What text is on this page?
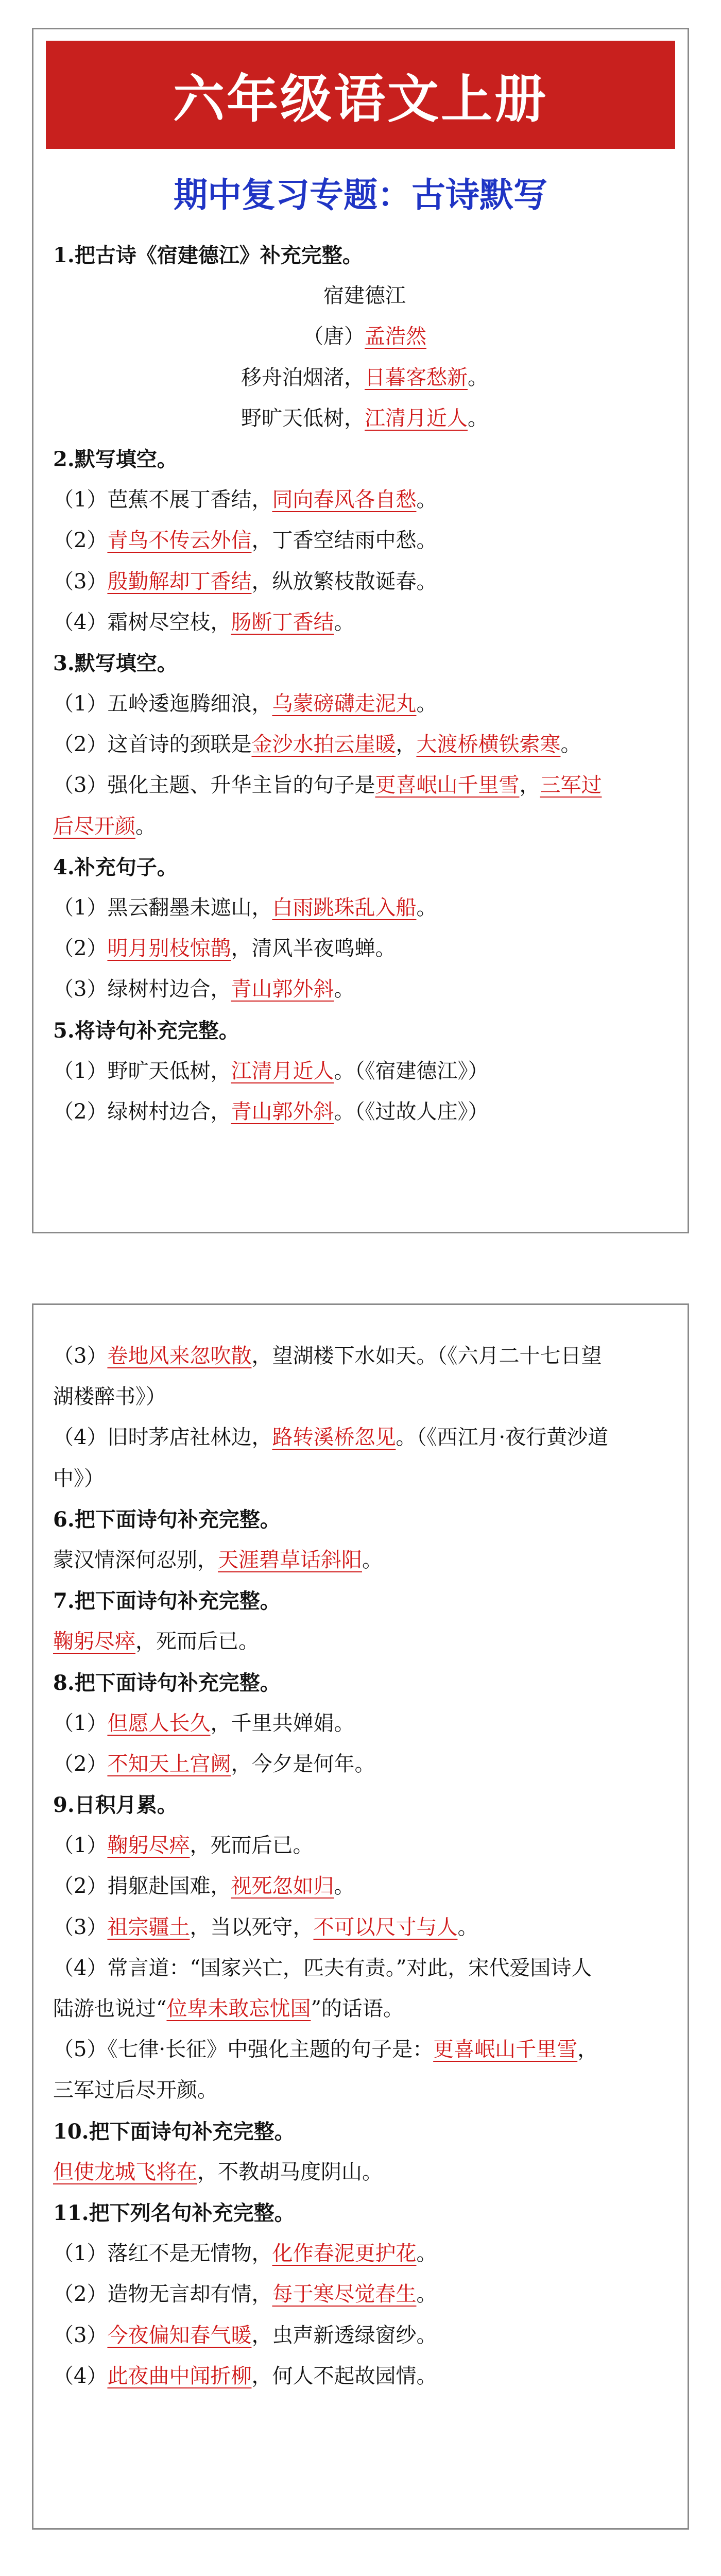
六年级语文上册
期中复习专题：古诗默写
1.把古诗《宿建德江》补充完整。
宿建德江
（唐）孟浩然
移舟泊烟渚，日暮客愁新。
野旷天低树，江清月近人。
2.默写填空。
（1）芭蕉不展丁香结，同向春风各自愁。
（2）青鸟不传云外信，丁香空结雨中愁。
（3）殷勤解却丁香结，纵放繁枝散诞春。
（4）霜树尽空枝，肠断丁香结。
3.默写填空。
（1）五岭逶迤腾细浪，乌蒙磅礴走泥丸。
（2）这首诗的颈联是金沙水拍云崖暖，大渡桥横铁索寒。
（3）强化主题、升华主旨的句子是更喜岷山千里雪，三军过
后尽开颜。
4.补充句子。
（1）黑云翻墨未遮山，白雨跳珠乱入船。
（2）明月别枝惊鹊，清风半夜鸣蝉。
（3）绿树村边合，青山郭外斜。
5.将诗句补充完整。
（1）野旷天低树，江清月近人。（《宿建德江》）
（2）绿树村边合，青山郭外斜。（《过故人庄》）
（3）卷地风来忽吹散，望湖楼下水如天。（《六月二十七日望
湖楼醉书》）
（4）旧时茅店社林边，路转溪桥忽见。（《西江月·夜行黄沙道
中》）
6.把下面诗句补充完整。
蒙汉情深何忍别，天涯碧草话斜阳。
7.把下面诗句补充完整。
鞠躬尽瘁，死而后已。
8.把下面诗句补充完整。
（1）但愿人长久，千里共婵娟。
（2）不知天上宫阙，今夕是何年。
9.日积月累。
（1）鞠躬尽瘁，死而后已。
（2）捐躯赴国难，视死忽如归。
（3）祖宗疆土，当以死守，不可以尺寸与人。
（4）常言道：“国家兴亡，匹夫有责。”对此，宋代爱国诗人
陆游也说过“位卑未敢忘忧国”的话语。
（5）《七律·长征》中强化主题的句子是：更喜岷山千里雪，
三军过后尽开颜。
10.把下面诗句补充完整。
但使龙城飞将在，不教胡马度阴山。
11.把下列名句补充完整。
（1）落红不是无情物，化作春泥更护花。
（2）造物无言却有情，每于寒尽觉春生。
（3）今夜偏知春气暖，虫声新透绿窗纱。
（4）此夜曲中闻折柳，何人不起故园情。
